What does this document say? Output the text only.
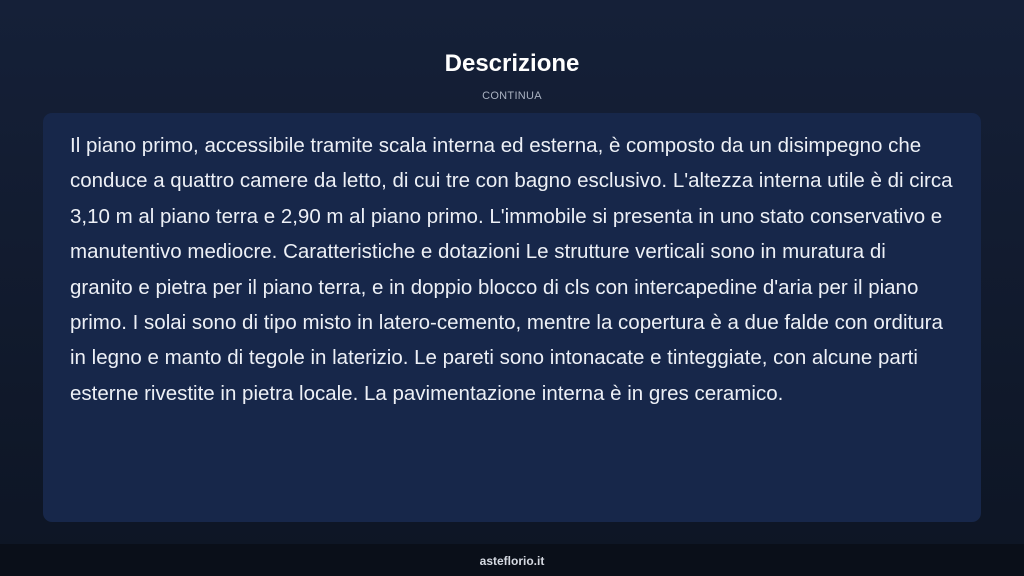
Descrizione
CONTINUA

Il piano primo, accessibile tramite scala interna ed esterna, è composto da un disimpegno che conduce a quattro camere da letto, di cui tre con bagno esclusivo. L'altezza interna utile è di circa 3,10 m al piano terra e 2,90 m al piano primo. L'immobile si presenta in uno stato conservativo e manutentivo mediocre. Caratteristiche e dotazioni Le strutture verticali sono in muratura di granito e pietra per il piano terra, e in doppio blocco di cls con intercapedine d'aria per il piano primo. I solai sono di tipo misto in latero-cemento, mentre la copertura è a due falde con orditura in legno e manto di tegole in laterizio. Le pareti sono intonacate e tinteggiate, con alcune parti esterne rivestite in pietra locale. La pavimentazione interna è in gres ceramico.

asteflorio.it
